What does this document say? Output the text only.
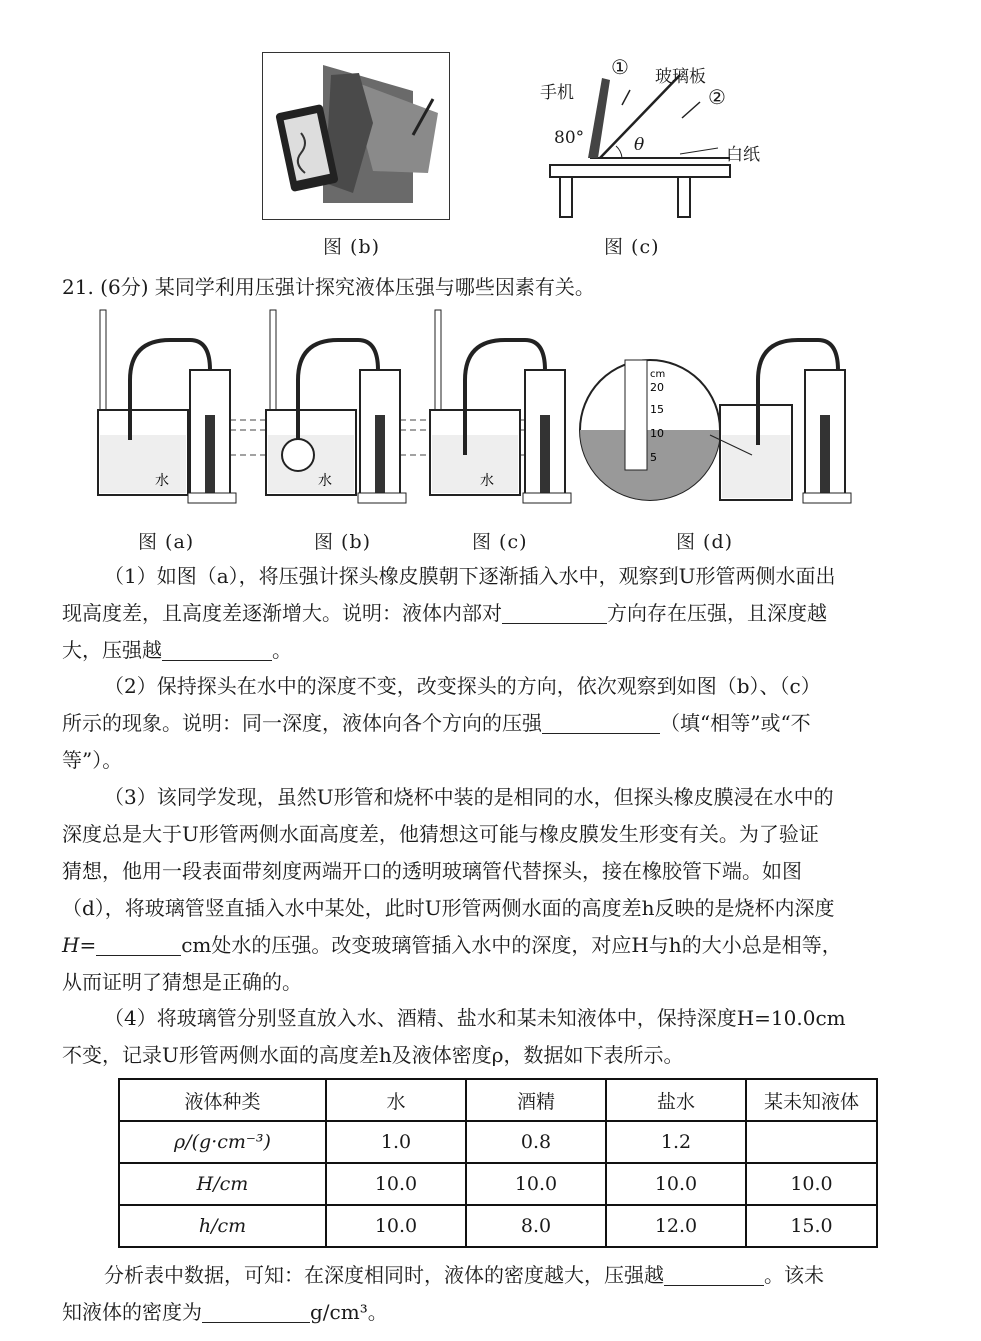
图 (b)
手机
① 玻璃板
②
80°	θ	白纸
图 (c)
21. (6分) 某同学利用压强计探究液体压强与哪些因素有关。
水	水	水
cm
20
15
10
5
图 (a)	图 (b)	图 (c)	图 (d)

（1）如图（a），将压强计探头橡皮膜朝下逐渐插入水中，观察到U形管两侧水面出
现高度差，且高度差逐渐增大。说明：液体内部对	方向存在压强，且深度越
大，压强越	。

（2）保持探头在水中的深度不变，改变探头的方向，依次观察到如图（b）、（c）
所示的现象。说明：同一深度，液体向各个方向的压强	（填“相等”或“不
等”）。

（3）该同学发现，虽然U形管和烧杯中装的是相同的水，但探头橡皮膜浸在水中的
深度总是大于U形管两侧水面高度差，他猜想这可能与橡皮膜发生形变有关。为了验证
猜想，他用一段表面带刻度两端开口的透明玻璃管代替探头，接在橡胶管下端。如图
（d），将玻璃管竖直插入水中某处，此时U形管两侧水面的高度差h反映的是烧杯内深度
H=	cm处水的压强。改变玻璃管插入水中的深度，对应H与h的大小总是相等，
从而证明了猜想是正确的。

（4）将玻璃管分别竖直放入水、酒精、盐水和某未知液体中，保持深度H=10.0cm
不变，记录U形管两侧水面的高度差h及液体密度ρ，数据如下表所示。

液体种类	水	酒精	盐水	某未知液体
ρ/(g·cm⁻³)	1.0	0.8	1.2	
H/cm	10.0	10.0	10.0	10.0
h/cm	10.0	8.0	12.0	15.0

分析表中数据，可知：在深度相同时，液体的密度越大，压强越	。该未
知液体的密度为	g/cm³。
